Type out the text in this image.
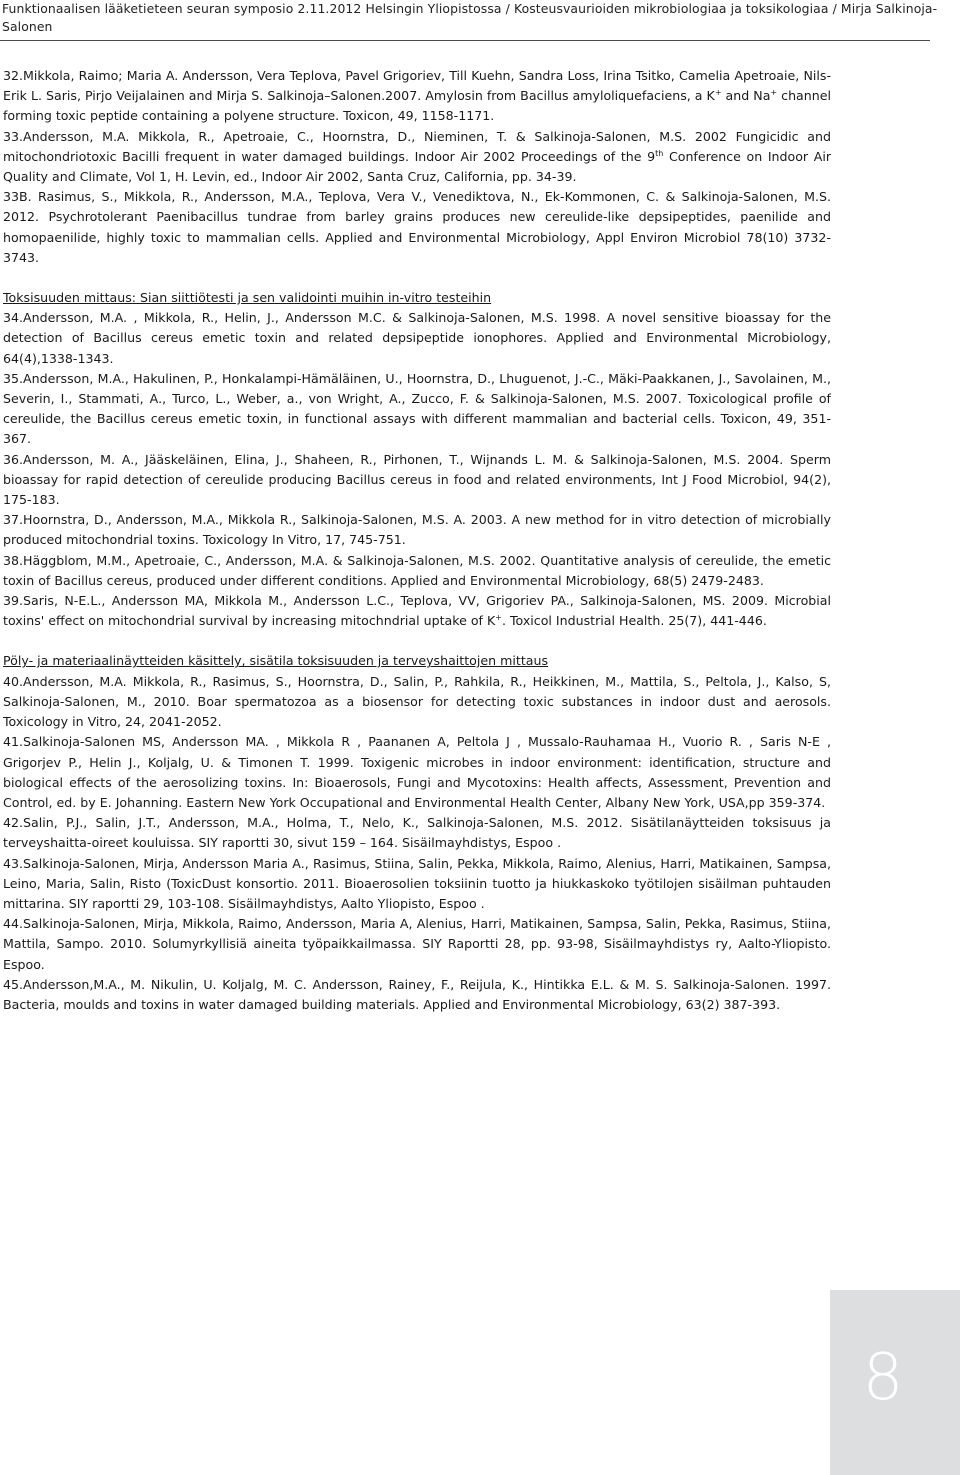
Funktionaalisen lääketieteen seuran symposio 2.11.2012 Helsingin Yliopistossa / Kosteusvaurioiden mikrobiologiaa ja toksikologiaa / Mirja Salkinoja-Salonen

32.Mikkola, Raimo; Maria A. Andersson, Vera Teplova, Pavel Grigoriev, Till Kuehn, Sandra Loss, Irina Tsitko, Camelia Apetroaie, Nils-Erik L. Saris, Pirjo Veijalainen and Mirja S. Salkinoja–Salonen.2007. Amylosin from Bacillus amyloliquefaciens, a K+ and Na+ channel forming toxic peptide containing a polyene structure. Toxicon, 49, 1158-1171.

33.Andersson, M.A. Mikkola, R., Apetroaie, C., Hoornstra, D., Nieminen, T. & Salkinoja-Salonen, M.S. 2002 Fungicidic and mitochondriotoxic Bacilli frequent in water damaged buildings. Indoor Air 2002 Proceedings of the 9th Conference on Indoor Air Quality and Climate, Vol 1, H. Levin, ed., Indoor Air 2002, Santa Cruz, California, pp. 34-39.

33B. Rasimus, S., Mikkola, R., Andersson, M.A., Teplova, Vera V., Venediktova, N., Ek-Kommonen, C. & Salkinoja-Salonen, M.S. 2012. Psychrotolerant Paenibacillus tundrae from barley grains produces new cereulide-like depsipeptides, paenilide and homopaenilide, highly toxic to mammalian cells. Applied and Environmental Microbiology, Appl Environ Microbiol 78(10) 3732-3743.

Toksisuuden mittaus: Sian siittiötesti ja sen validointi muihin in-vitro testeihin

34.Andersson, M.A. , Mikkola, R., Helin, J., Andersson M.C. & Salkinoja-Salonen, M.S. 1998. A novel sensitive bioassay for the detection of Bacillus cereus emetic toxin and related depsipeptide ionophores. Applied and Environmental Microbiology, 64(4),1338-1343.

35.Andersson, M.A., Hakulinen, P., Honkalampi-Hämäläinen, U., Hoornstra, D., Lhuguenot, J.-C., Mäki-Paakkanen, J., Savolainen, M., Severin, I., Stammati, A., Turco, L., Weber, a., von Wright, A., Zucco, F. & Salkinoja-Salonen, M.S. 2007. Toxicological profile of cereulide, the Bacillus cereus emetic toxin, in functional assays with different mammalian and bacterial cells. Toxicon, 49, 351-367.

36.Andersson, M. A., Jääskeläinen, Elina, J., Shaheen, R., Pirhonen, T., Wijnands L. M. & Salkinoja-Salonen, M.S. 2004. Sperm bioassay for rapid detection of cereulide producing Bacillus cereus in food and related environments, Int J Food Microbiol, 94(2), 175-183.

37.Hoornstra, D., Andersson, M.A., Mikkola R., Salkinoja-Salonen, M.S. A. 2003. A new method for in vitro detection of microbially produced mitochondrial toxins. Toxicology In Vitro, 17, 745-751.

38.Häggblom, M.M., Apetroaie, C., Andersson, M.A. & Salkinoja-Salonen, M.S. 2002. Quantitative analysis of cereulide, the emetic toxin of Bacillus cereus, produced under different conditions. Applied and Environmental Microbiology, 68(5) 2479-2483.

39.Saris, N-E.L., Andersson MA, Mikkola M., Andersson L.C., Teplova, VV, Grigoriev PA., Salkinoja-Salonen, MS. 2009. Microbial toxins' effect on mitochondrial survival by increasing mitochndrial uptake of K+. Toxicol Industrial Health. 25(7), 441-446.

Pöly- ja materiaalinäytteiden käsittely, sisätila toksisuuden ja terveyshaittojen mittaus

40.Andersson, M.A. Mikkola, R., Rasimus, S., Hoornstra, D., Salin, P., Rahkila, R., Heikkinen, M., Mattila, S., Peltola, J., Kalso, S, Salkinoja-Salonen, M., 2010. Boar spermatozoa as a biosensor for detecting toxic substances in indoor dust and aerosols. Toxicology in Vitro, 24, 2041-2052.

41.Salkinoja-Salonen MS, Andersson MA. , Mikkola R , Paananen A, Peltola J , Mussalo-Rauhamaa H., Vuorio R. , Saris N-E , Grigorjev P., Helin J., Koljalg, U. & Timonen T. 1999. Toxigenic microbes in indoor environment: identification, structure and biological effects of the aerosolizing toxins. In: Bioaerosols, Fungi and Mycotoxins: Health affects, Assessment, Prevention and Control, ed. by E. Johanning. Eastern New York Occupational and Environmental Health Center, Albany New York, USA,pp 359-374.

42.Salin, P.J., Salin, J.T., Andersson, M.A., Holma, T., Nelo, K., Salkinoja-Salonen, M.S. 2012. Sisätilanäytteiden toksisuus ja terveyshaitta-oireet kouluissa. SIY raportti 30, sivut 159 – 164. Sisäilmayhdistys, Espoo .

43.Salkinoja-Salonen, Mirja, Andersson Maria A., Rasimus, Stiina, Salin, Pekka, Mikkola, Raimo, Alenius, Harri, Matikainen, Sampsa, Leino, Maria, Salin, Risto (ToxicDust konsortio. 2011. Bioaerosolien toksiinin tuotto ja hiukkaskoko työtilojen sisäilman puhtauden mittarina. SIY raportti 29, 103-108. Sisäilmayhdistys, Aalto Yliopisto, Espoo .

44.Salkinoja-Salonen, Mirja, Mikkola, Raimo, Andersson, Maria A, Alenius, Harri, Matikainen, Sampsa, Salin, Pekka, Rasimus, Stiina, Mattila, Sampo. 2010. Solumyrkyllisiä aineita työpaikkailmassa. SIY Raportti 28, pp. 93-98, Sisäilmayhdistys ry, Aalto-Yliopisto. Espoo.

45.Andersson,M.A., M. Nikulin, U. Koljalg, M. C. Andersson, Rainey, F., Reijula, K., Hintikka E.L. & M. S. Salkinoja-Salonen. 1997. Bacteria, moulds and toxins in water damaged building materials. Applied and Environmental Microbiology, 63(2) 387-393.

8
